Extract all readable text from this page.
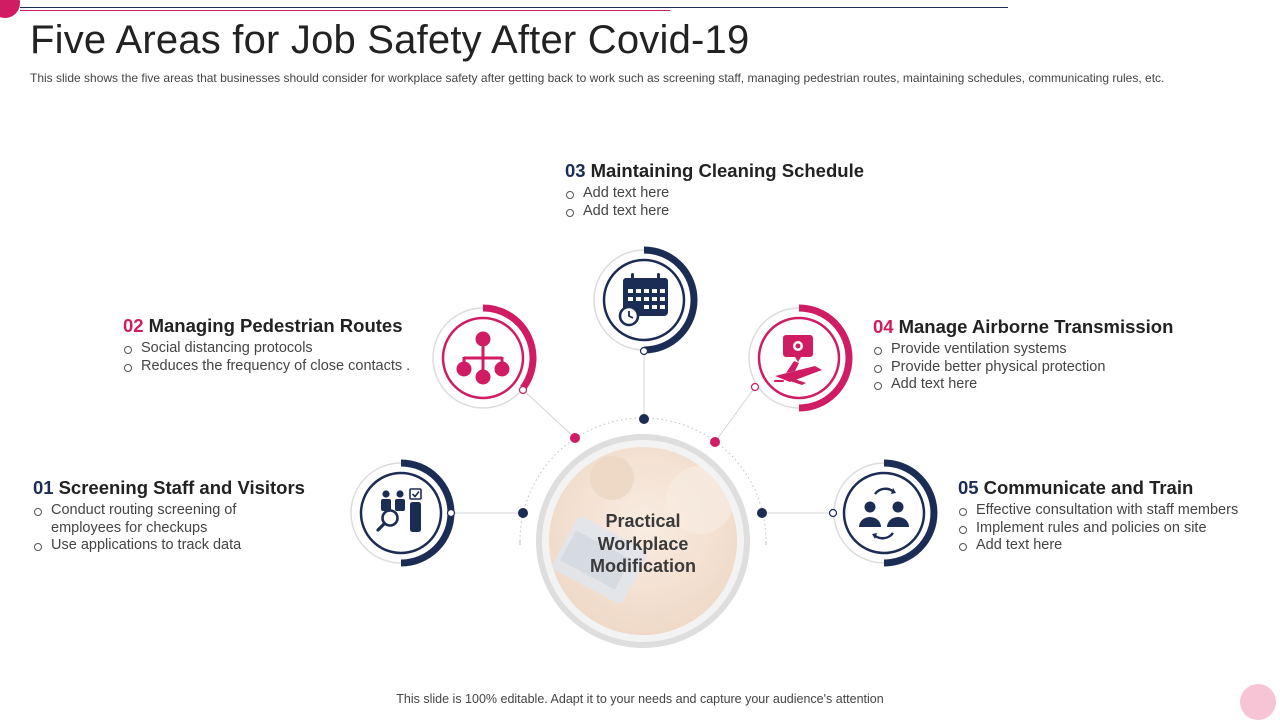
Five Areas for Job Safety After Covid-19

This slide shows the five areas that businesses should consider for workplace safety after getting back to work such as screening staff, managing pedestrian routes, maintaining schedules, communicating rules, etc.

Practical
Workplace
Modification
03 Maintaining Cleaning Schedule
Add text here
Add text here
02 Managing Pedestrian Routes
Social distancing protocols
Reduces the frequency of close contacts .
04 Manage Airborne Transmission
Provide ventilation systems
Provide better physical protection
Add text here
01 Screening Staff and Visitors
Conduct routing screening of employees for checkups
Use applications to track data
05 Communicate and Train
Effective consultation with staff members
Implement rules and policies on site
Add text here
This slide is 100% editable. Adapt it to your needs and capture your audience's attention
